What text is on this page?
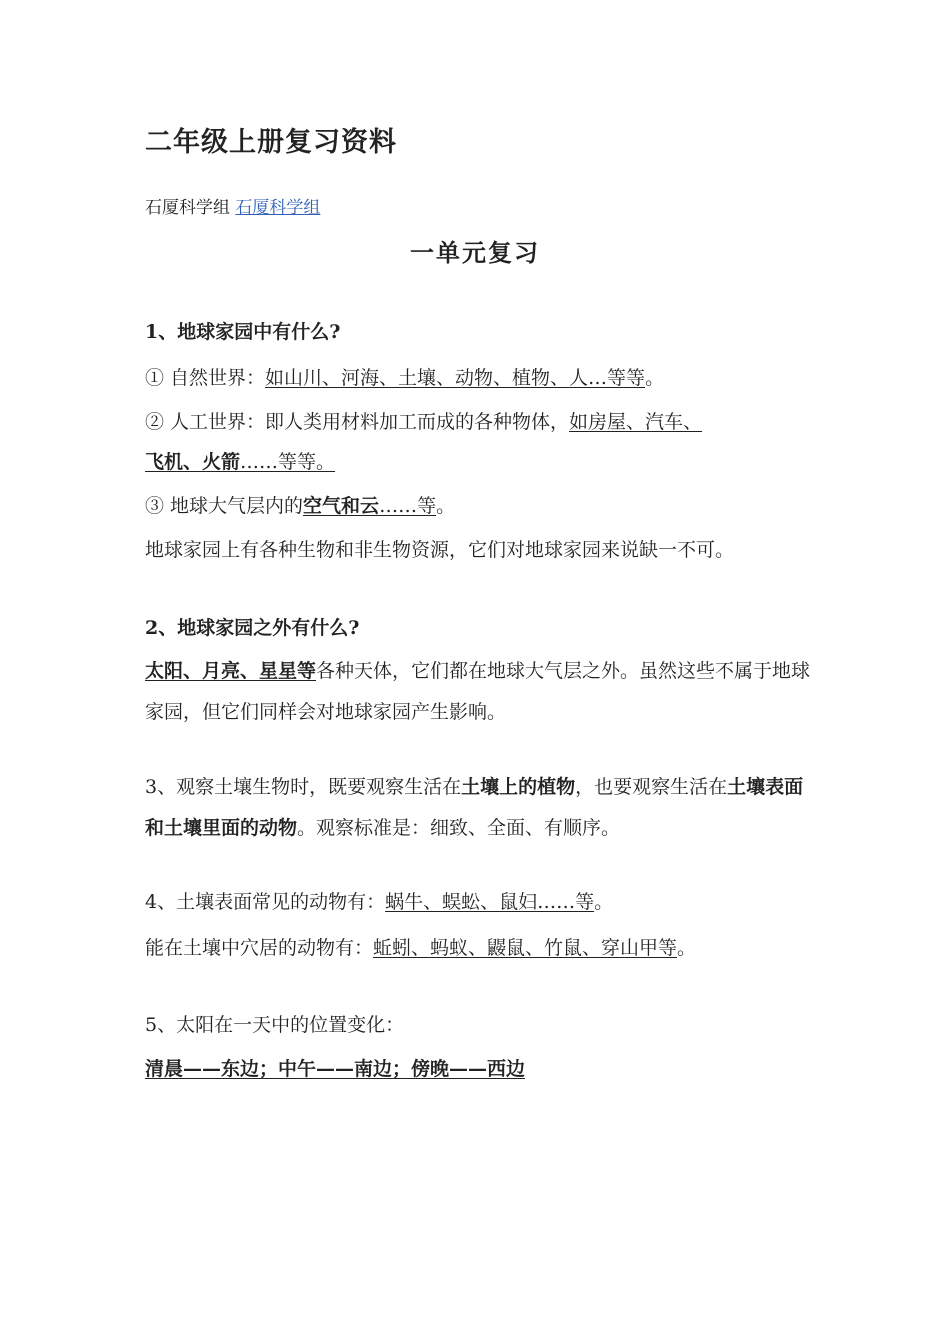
二年级上册复习资料
石厦科学组 石厦科学组
一单元复习
1、地球家园中有什么?
① 自然世界：如山川、河海、土壤、动物、植物、人…等等。
② 人工世界：即人类用材料加工而成的各种物体，如房屋、汽车、
飞机、火箭……等等。
③ 地球大气层内的空气和云……等。
地球家园上有各种生物和非生物资源，它们对地球家园来说缺一不可。
2、地球家园之外有什么?
太阳、月亮、星星等各种天体，它们都在地球大气层之外。虽然这些不属于地球家园，但它们同样会对地球家园产生影响。
3、观察土壤生物时，既要观察生活在土壤上的植物，也要观察生活在土壤表面和土壤里面的动物。观察标准是：细致、全面、有顺序。
4、土壤表面常见的动物有：蜗牛、蜈蚣、鼠妇……等。
能在土壤中穴居的动物有：蚯蚓、蚂蚁、鼹鼠、竹鼠、穿山甲等。
5、太阳在一天中的位置变化：
清晨——东边；中午——南边；傍晚——西边
